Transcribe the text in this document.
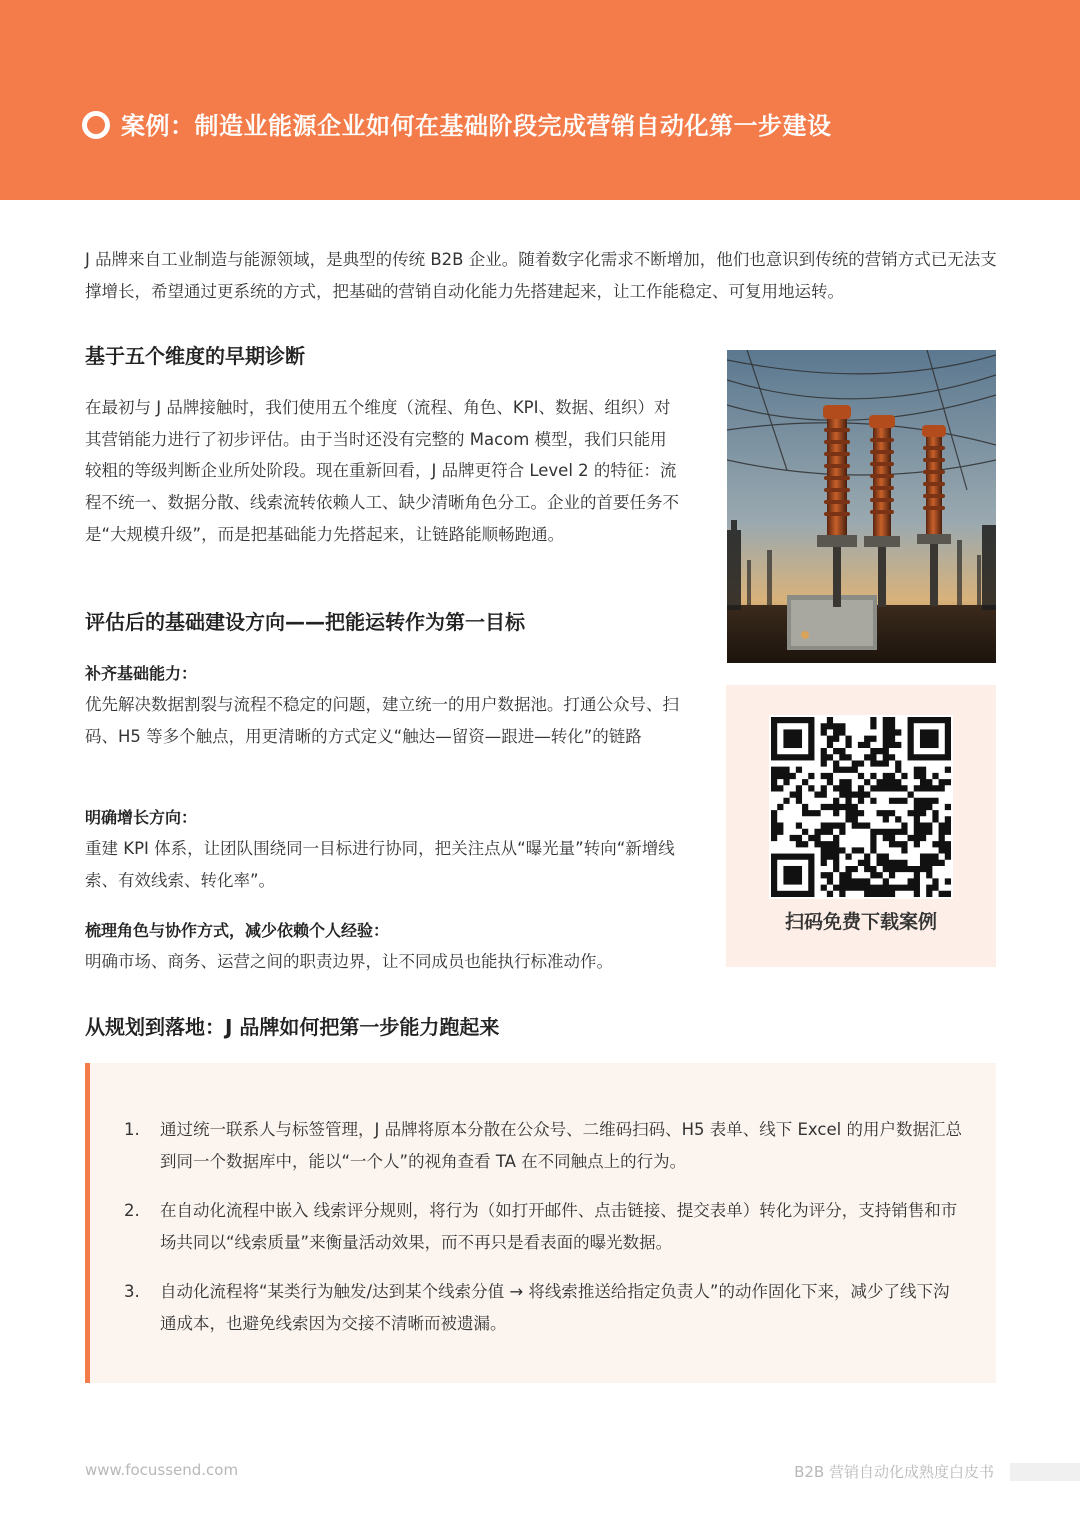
案例：制造业能源企业如何在基础阶段完成营销自动化第一步建设

J 品牌来自工业制造与能源领域，是典型的传统 B2B 企业。随着数字化需求不断增加，他们也意识到传统的营销方式已无法支撑增长，希望通过更系统的方式，把基础的营销自动化能力先搭建起来，让工作能稳定、可复用地运转。

基于五个维度的早期诊断

在最初与 J 品牌接触时，我们使用五个维度（流程、角色、KPI、数据、组织）对其营销能力进行了初步评估。由于当时还没有完整的 Macom 模型，我们只能用较粗的等级判断企业所处阶段。现在重新回看，J 品牌更符合 Level 2 的特征：流程不统一、数据分散、线索流转依赖人工、缺少清晰角色分工。企业的首要任务不是“大规模升级”，而是把基础能力先搭起来，让链路能顺畅跑通。

评估后的基础建设方向——把能运转作为第一目标
补齐基础能力：

优先解决数据割裂与流程不稳定的问题，建立统一的用户数据池。打通公众号、扫码、H5 等多个触点，用更清晰的方式定义“触达—留资—跟进—转化”的链路

明确增长方向：

重建 KPI 体系，让团队围绕同一目标进行协同，把关注点从“曝光量”转向“新增线索、有效线索、转化率”。

梳理角色与协作方式，减少依赖个人经验：

明确市场、商务、运营之间的职责边界，让不同成员也能执行标准动作。

扫码免费下载案例
从规划到落地：J 品牌如何把第一步能力跑起来
1.	通过统一联系人与标签管理，J 品牌将原本分散在公众号、二维码扫码、H5 表单、线下 Excel 的用户数据汇总到同一个数据库中，能以“一个人”的视角查看 TA 在不同触点上的行为。
2.	在自动化流程中嵌入 线索评分规则，将行为（如打开邮件、点击链接、提交表单）转化为评分，支持销售和市场共同以“线索质量”来衡量活动效果，而不再只是看表面的曝光数据。
3.	自动化流程将“某类行为触发/达到某个线索分值 → 将线索推送给指定负责人”的动作固化下来，减少了线下沟通成本，也避免线索因为交接不清晰而被遗漏。
www.focussend.com	B2B 营销自动化成熟度白皮书
